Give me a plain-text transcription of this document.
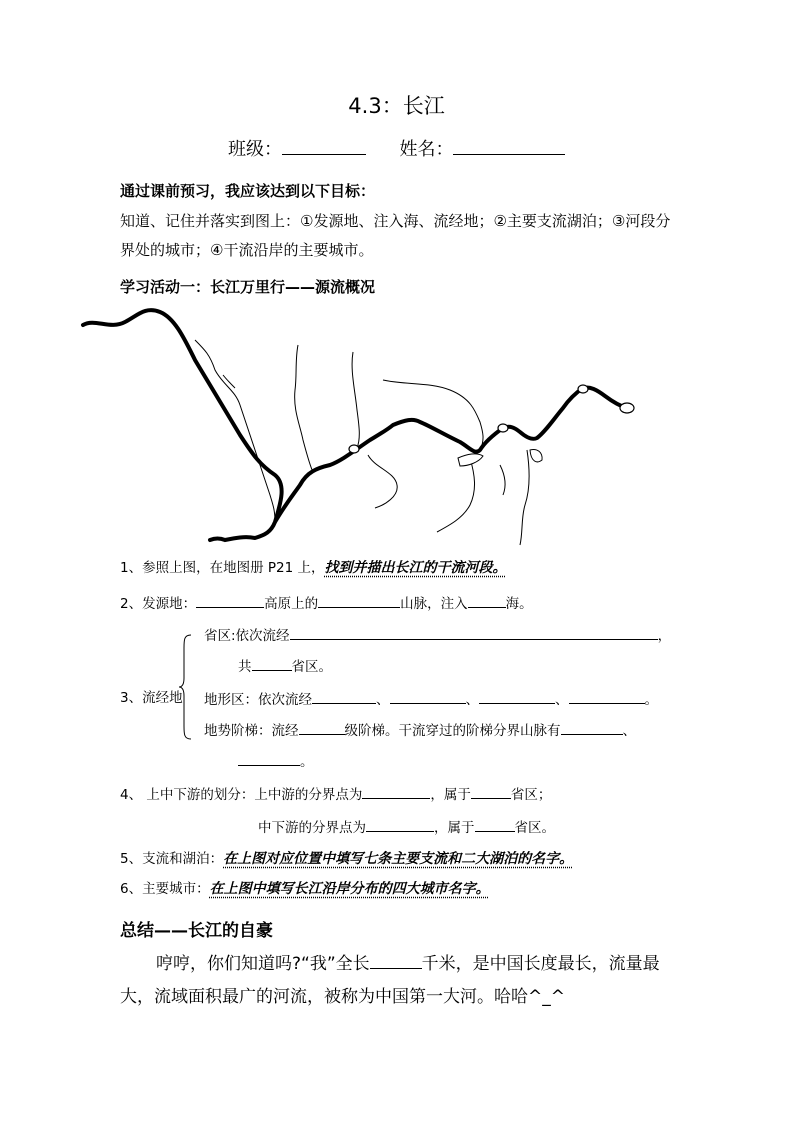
4.3：长江
班级：	姓名：
通过课前预习，我应该达到以下目标：
知道、记住并落实到图上：①发源地、注入海、流经地；②主要支流湖泊；③河段分界处的城市；④干流沿岸的主要城市。
学习活动一：长江万里行——源流概况
1、参照上图，在地图册 P21 上，找到并描出长江的干流河段。
2、发源地：	高原上的	山脉，注入	海。
3、流经地
省区:依次流经	，
共	省区。
地形区：依次流经	、	、	、	。
地势阶梯：流经	级阶梯。干流穿过的阶梯分界山脉有	、
。
4、 上中下游的划分：上中游的分界点为	，属于	省区；
中下游的分界点为	，属于	省区。
5、支流和湖泊：在上图对应位置中填写七条主要支流和二大湖泊的名字。
6、主要城市：在上图中填写长江沿岸分布的四大城市名字。
总结——长江的自豪
哼哼，你们知道吗?“我”全长	千米，是中国长度最长，流量最大，流域面积最广的河流，被称为中国第一大河。哈哈^_^
